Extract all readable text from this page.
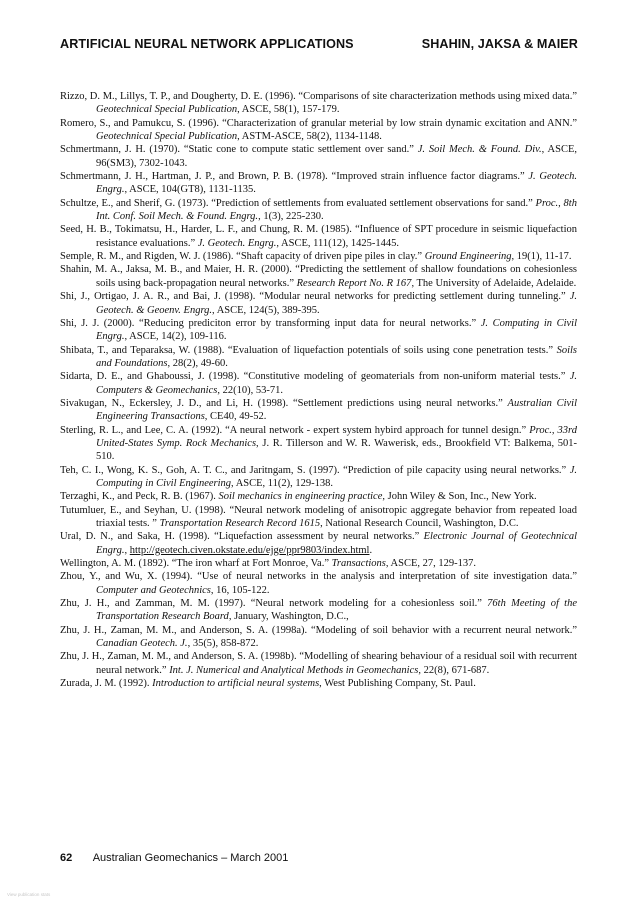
ARTIFICIAL NEURAL NETWORK APPLICATIONS	SHAHIN, JAKSA & MAIER
Rizzo, D. M., Lillys, T. P., and Dougherty, D. E. (1996). “Comparisons of site characterization methods using mixed data.” Geotechnical Special Publication, ASCE, 58(1), 157-179.
Romero, S., and Pamukcu, S. (1996). “Characterization of granular meterial by low strain dynamic excitation and ANN.” Geotechnical Special Publication, ASTM-ASCE, 58(2), 1134-1148.
Schmertmann, J. H. (1970). “Static cone to compute static settlement over sand.” J. Soil Mech. & Found. Div., ASCE, 96(SM3), 7302-1043.
Schmertmann, J. H., Hartman, J. P., and Brown, P. B. (1978). “Improved strain influence factor diagrams.” J. Geotech. Engrg., ASCE, 104(GT8), 1131-1135.
Schultze, E., and Sherif, G. (1973). “Prediction of settlements from evaluated settlement observations for sand.” Proc., 8th Int. Conf. Soil Mech. & Found. Engrg., 1(3), 225-230.
Seed, H. B., Tokimatsu, H., Harder, L. F., and Chung, R. M. (1985). “Influence of SPT procedure in seismic liquefaction resistance evaluations.” J. Geotech. Engrg., ASCE, 111(12), 1425-1445.
Semple, R. M., and Rigden, W. J. (1986). “Shaft capacity of driven pipe piles in clay.” Ground Engineering, 19(1), 11-17.
Shahin, M. A., Jaksa, M. B., and Maier, H. R. (2000). “Predicting the settlement of shallow foundations on cohesionless soils using back-propagation neural networks.” Research Report No. R 167, The University of Adelaide, Adelaide.
Shi, J., Ortigao, J. A. R., and Bai, J. (1998). “Modular neural networks for predicting settlement during tunneling.” J. Geotech. & Geoenv. Engrg., ASCE, 124(5), 389-395.
Shi, J. J. (2000). “Reducing prediciton error by transforming input data for neural networks.” J. Computing in Civil Engrg., ASCE, 14(2), 109-116.
Shibata, T., and Teparaksa, W. (1988). “Evaluation of liquefaction potentials of soils using cone penetration tests.” Soils and Foundations, 28(2), 49-60.
Sidarta, D. E., and Ghaboussi, J. (1998). “Constitutive modeling of geomaterials from non-uniform material tests.” J. Computers & Geomechanics, 22(10), 53-71.
Sivakugan, N., Eckersley, J. D., and Li, H. (1998). “Settlement predictions using neural networks.” Australian Civil Engineering Transactions, CE40, 49-52.
Sterling, R. L., and Lee, C. A. (1992). “A neural network - expert system hybird approach for tunnel design.” Proc., 33rd United-States Symp. Rock Mechanics, J. R. Tillerson and W. R. Wawerisk, eds., Brookfield VT: Balkema, 501-510.
Teh, C. I., Wong, K. S., Goh, A. T. C., and Jaritngam, S. (1997). “Prediction of pile capacity using neural networks.” J. Computing in Civil Engineering, ASCE, 11(2), 129-138.
Terzaghi, K., and Peck, R. B. (1967). Soil mechanics in engineering practice, John Wiley & Son, Inc., New York.
Tutumluer, E., and Seyhan, U. (1998). “Neural network modeling of anisotropic aggregate behavior from repeated load triaxial tests. ” Transportation Research Record 1615, National Research Council, Washington, D.C.
Ural, D. N., and Saka, H. (1998). “Liquefaction assessment by neural networks.” Electronic Journal of Geotechnical Engrg., http://geotech.civen.okstate.edu/ejge/ppr9803/index.html.
Wellington, A. M. (1892). “The iron wharf at Fort Monroe, Va.” Transactions, ASCE, 27, 129-137.
Zhou, Y., and Wu, X. (1994). “Use of neural networks in the analysis and interpretation of site investigation data.” Computer and Geotechnics, 16, 105-122.
Zhu, J. H., and Zamman, M. M. (1997). “Neural network modeling for a cohesionless soil.” 76th Meeting of the Transportation Research Board, January, Washington, D.C.,
Zhu, J. H., Zaman, M. M., and Anderson, S. A. (1998a). “Modeling of soil behavior with a recurrent neural network.” Canadian Geotech. J., 35(5), 858-872.
Zhu, J. H., Zaman, M. M., and Anderson, S. A. (1998b). “Modelling of shearing behaviour of a residual soil with recurrent neural network.” Int. J. Numerical and Analytical Methods in Geomechanics, 22(8), 671-687.
Zurada, J. M. (1992). Introduction to artificial neural systems, West Publishing Company, St. Paul.
62 Australian Geomechanics – March 2001
View publication stats
